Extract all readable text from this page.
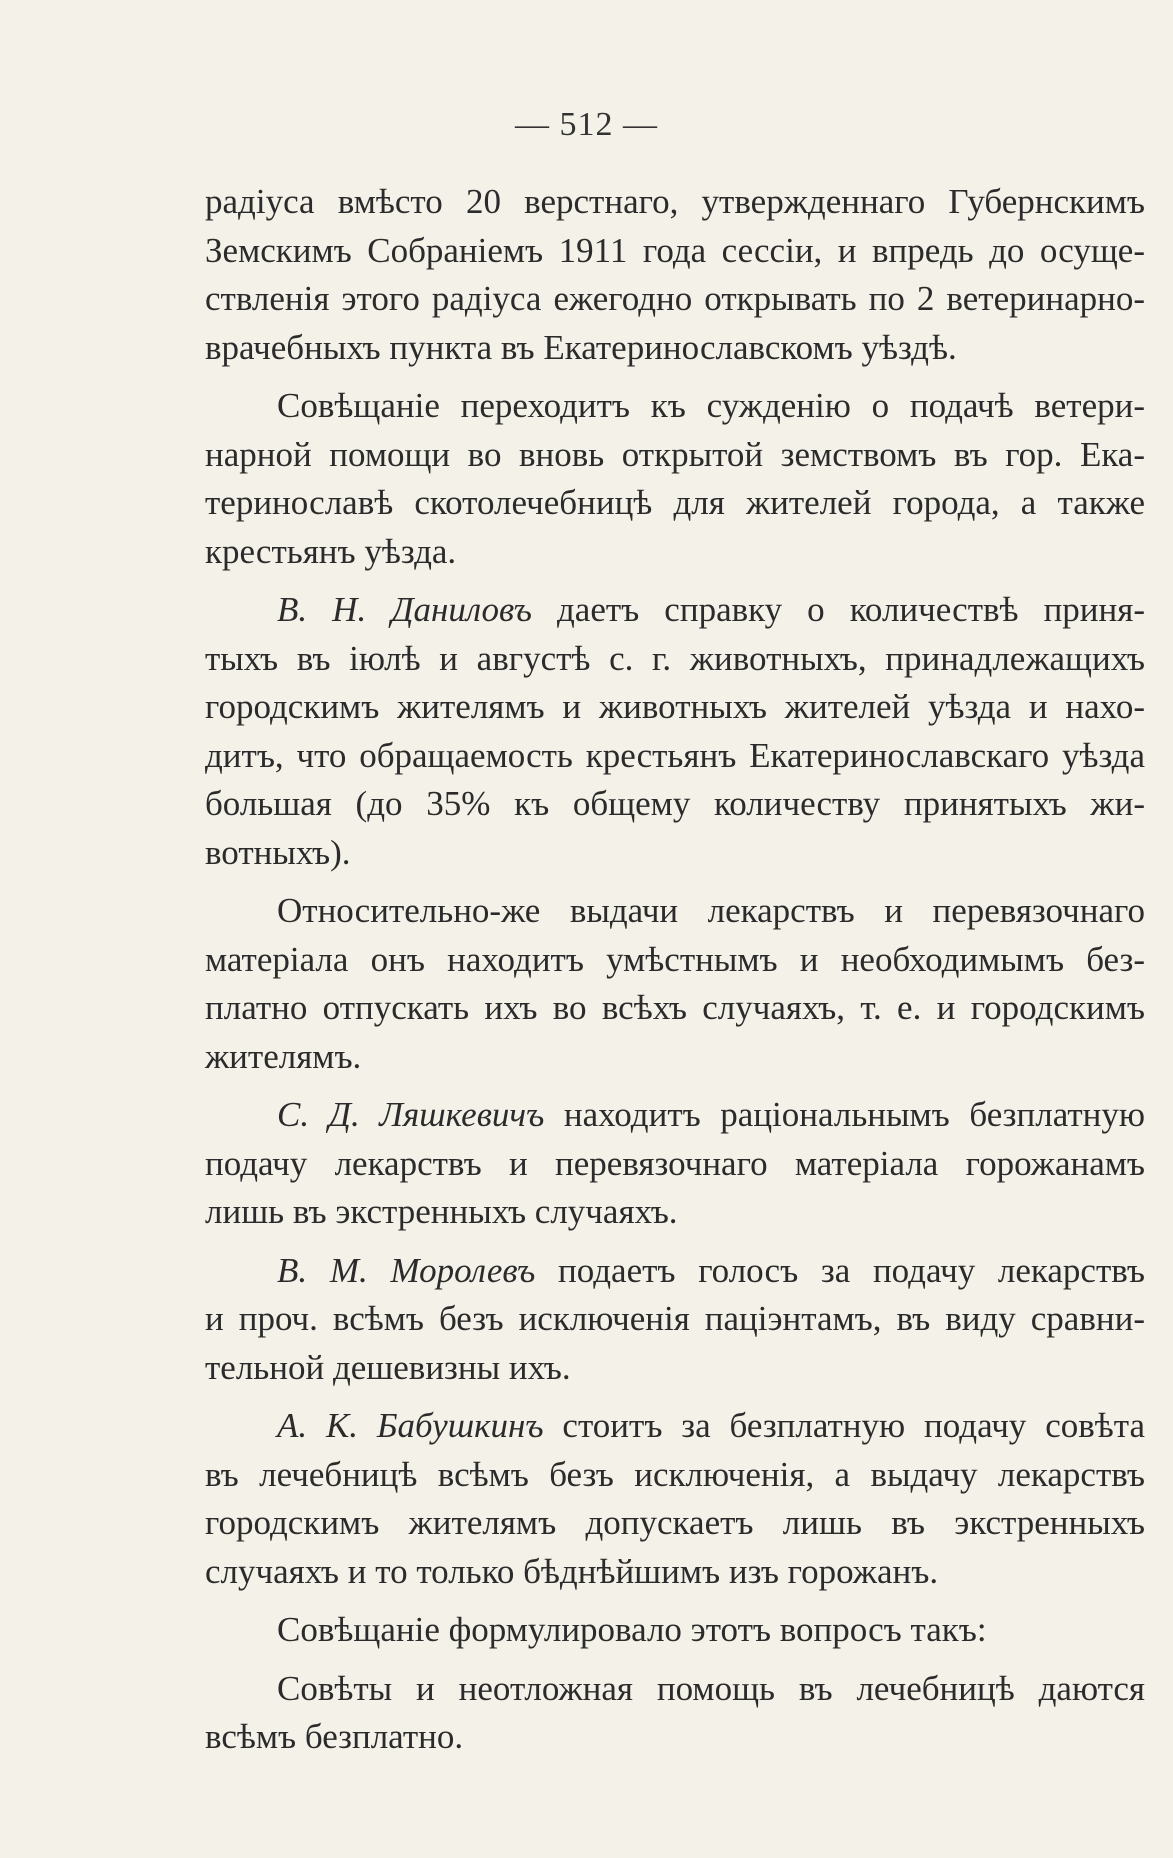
— 512 —
радіуса вмѣсто 20 верстнаго, утвержденнаго Губернскимъ
Земскимъ Собраніемъ 1911 года сессіи, и впредь до осуще-
ствленія этого радіуса ежегодно открывать по 2 ветеринарно-
врачебныхъ пункта въ Екатеринославскомъ уѣздѣ.
Совѣщаніе переходитъ къ сужденію о подачѣ ветери-
нарной помощи во вновь открытой земствомъ въ гор. Ека-
теринославѣ скотолечебницѣ для жителей города, а также
крестьянъ уѣзда.
В. Н. Даниловъ даетъ справку о количествѣ приня-
тыхъ въ іюлѣ и августѣ с. г. животныхъ, принадлежащихъ
городскимъ жителямъ и животныхъ жителей уѣзда и нахо-
дитъ, что обращаемость крестьянъ Екатеринославскаго уѣзда
большая (до 35% къ общему количеству принятыхъ жи-
вотныхъ).
Относительно-же выдачи лекарствъ и перевязочнаго
матеріала онъ находитъ умѣстнымъ и необходимымъ без-
платно отпускать ихъ во всѣхъ случаяхъ, т. е. и городскимъ
жителямъ.
С. Д. Ляшкевичъ находитъ раціональнымъ безплатную
подачу лекарствъ и перевязочнаго матеріала горожанамъ
лишь въ экстренныхъ случаяхъ.
В. М. Моролевъ подаетъ голосъ за подачу лекарствъ
и проч. всѣмъ безъ исключенія паціэнтамъ, въ виду сравни-
тельной дешевизны ихъ.
А. К. Бабушкинъ стоитъ за безплатную подачу совѣта
въ лечебницѣ всѣмъ безъ исключенія, а выдачу лекарствъ
городскимъ жителямъ допускаетъ лишь въ экстренныхъ
случаяхъ и то только бѣднѣйшимъ изъ горожанъ.
Совѣщаніе формулировало этотъ вопросъ такъ:
Совѣты и неотложная помощь въ лечебницѣ даются
всѣмъ безплатно.
